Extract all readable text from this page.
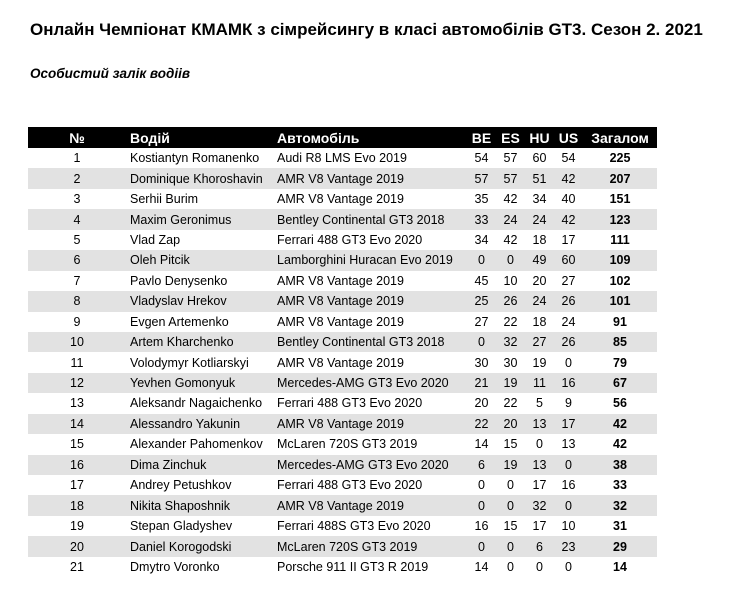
Онлайн Чемпіонат КМАМК з сімрейсингу в класі автомобілів GT3. Сезон 2. 2021
Особистий залік водіів
№	Водій	Автомобіль	BE	ES	HU	US	Загалом
1	Kostiantyn Romanenko	Audi R8 LMS Evo 2019	54	57	60	54	225
2	Dominique Khoroshavin	AMR V8 Vantage 2019	57	57	51	42	207
3	Serhii Burim	AMR V8 Vantage 2019	35	42	34	40	151
4	Maxim Geronimus	Bentley Continental GT3 2018	33	24	24	42	123
5	Vlad Zap	Ferrari 488 GT3 Evo 2020	34	42	18	17	111
6	Oleh Pitcik	Lamborghini Huracan Evo 2019	0	0	49	60	109
7	Pavlo Denysenko	AMR V8 Vantage 2019	45	10	20	27	102
8	Vladyslav Hrekov	AMR V8 Vantage 2019	25	26	24	26	101
9	Evgen Artemenko	AMR V8 Vantage 2019	27	22	18	24	91
10	Artem Kharchenko	Bentley Continental GT3 2018	0	32	27	26	85
11	Volodymyr Kotliarskyi	AMR V8 Vantage 2019	30	30	19	0	79
12	Yevhen Gomonyuk	Mercedes-AMG GT3 Evo 2020	21	19	11	16	67
13	Aleksandr Nagaichenko	Ferrari 488 GT3 Evo 2020	20	22	5	9	56
14	Alessandro Yakunin	AMR V8 Vantage 2019	22	20	13	17	42
15	Alexander Pahomenkov	McLaren 720S GT3 2019	14	15	0	13	42
16	Dima Zinchuk	Mercedes-AMG GT3 Evo 2020	6	19	13	0	38
17	Andrey Petushkov	Ferrari 488 GT3 Evo 2020	0	0	17	16	33
18	Nikita Shaposhnik	AMR V8 Vantage 2019	0	0	32	0	32
19	Stepan Gladyshev	Ferrari 488S GT3 Evo 2020	16	15	17	10	31
20	Daniel Korogodski	McLaren 720S GT3 2019	0	0	6	23	29
21	Dmytro Voronko	Porsche 911 II GT3 R 2019	14	0	0	0	14
